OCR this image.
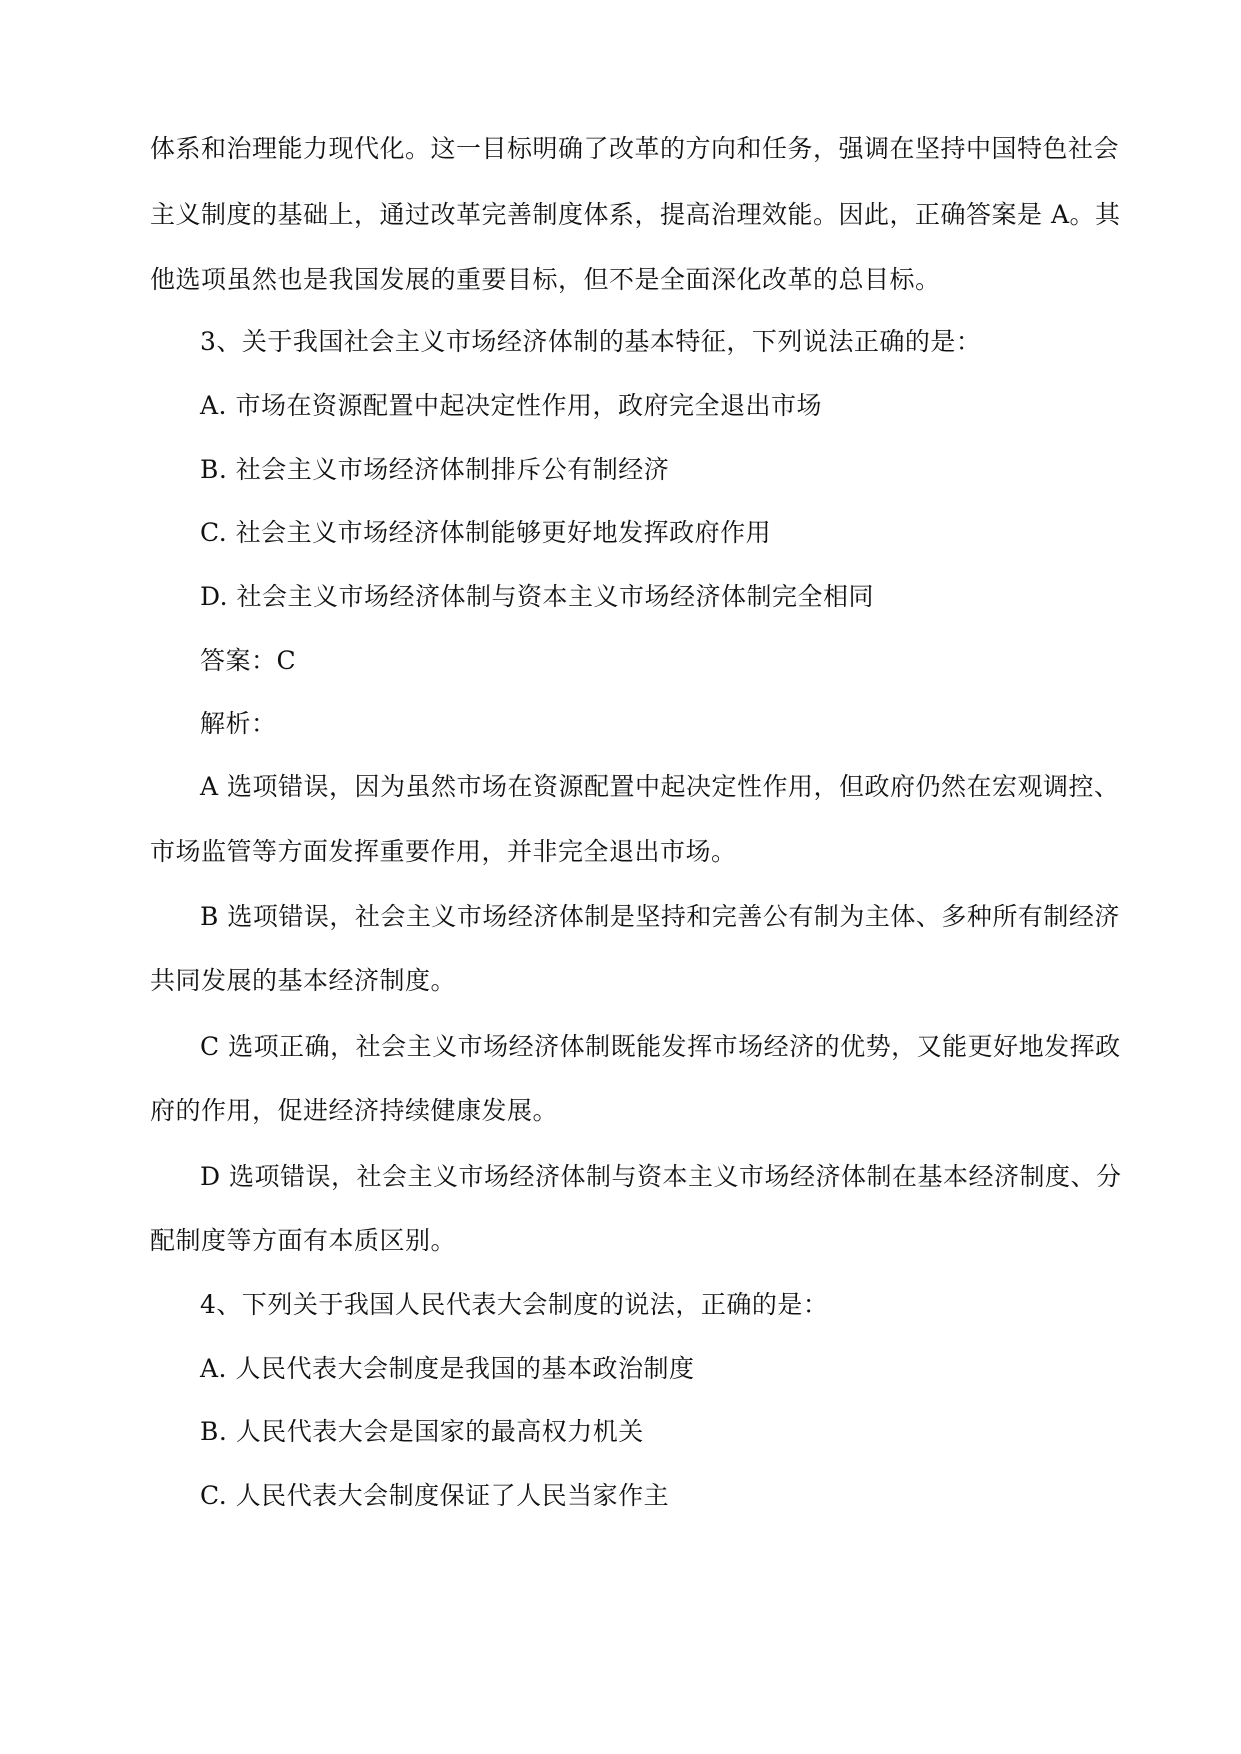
体系和治理能力现代化。这一目标明确了改革的方向和任务，强调在坚持中国特色社会
主义制度的基础上，通过改革完善制度体系，提高治理效能。因此，正确答案是 A。其
他选项虽然也是我国发展的重要目标，但不是全面深化改革的总目标。
3、关于我国社会主义市场经济体制的基本特征，下列说法正确的是：
A. 市场在资源配置中起决定性作用，政府完全退出市场
B. 社会主义市场经济体制排斥公有制经济
C. 社会主义市场经济体制能够更好地发挥政府作用
D. 社会主义市场经济体制与资本主义市场经济体制完全相同
答案：C
解析：
A 选项错误，因为虽然市场在资源配置中起决定性作用，但政府仍然在宏观调控、
市场监管等方面发挥重要作用，并非完全退出市场。
B 选项错误，社会主义市场经济体制是坚持和完善公有制为主体、多种所有制经济
共同发展的基本经济制度。
C 选项正确，社会主义市场经济体制既能发挥市场经济的优势，又能更好地发挥政
府的作用，促进经济持续健康发展。
D 选项错误，社会主义市场经济体制与资本主义市场经济体制在基本经济制度、分
配制度等方面有本质区别。
4、下列关于我国人民代表大会制度的说法，正确的是：
A. 人民代表大会制度是我国的基本政治制度
B. 人民代表大会是国家的最高权力机关
C. 人民代表大会制度保证了人民当家作主
